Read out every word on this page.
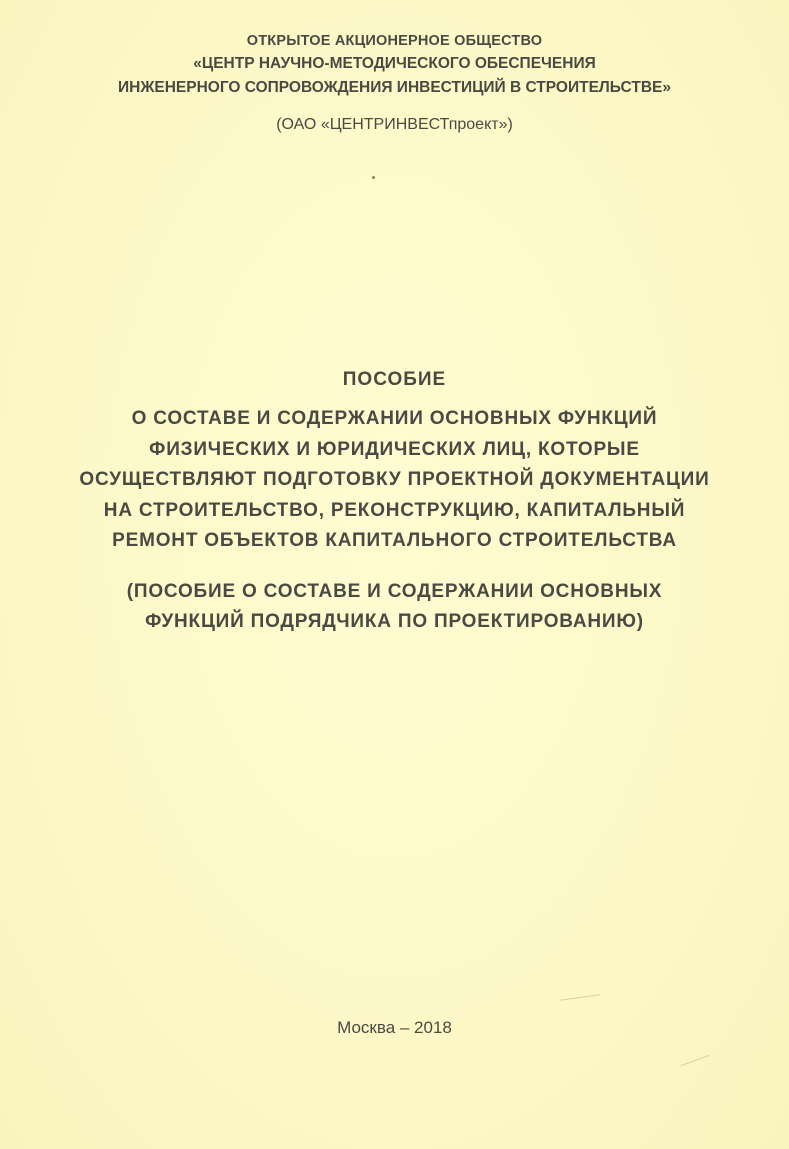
ОТКРЫТОЕ АКЦИОНЕРНОЕ ОБЩЕСТВО

«ЦЕНТР НАУЧНО-МЕТОДИЧЕСКОГО ОБЕСПЕЧЕНИЯ

ИНЖЕНЕРНОГО СОПРОВОЖДЕНИЯ ИНВЕСТИЦИЙ В СТРОИТЕЛЬСТВЕ»

(ОАО «ЦЕНТРИНВЕСТпроект»)

ПОСОБИЕ

О СОСТАВЕ И СОДЕРЖАНИИ ОСНОВНЫХ ФУНКЦИЙ

ФИЗИЧЕСКИХ И ЮРИДИЧЕСКИХ ЛИЦ, КОТОРЫЕ

ОСУЩЕСТВЛЯЮТ ПОДГОТОВКУ ПРОЕКТНОЙ ДОКУМЕНТАЦИИ

НА СТРОИТЕЛЬСТВО, РЕКОНСТРУКЦИЮ, КАПИТАЛЬНЫЙ

РЕМОНТ ОБЪЕКТОВ КАПИТАЛЬНОГО СТРОИТЕЛЬСТВА

(ПОСОБИЕ О СОСТАВЕ И СОДЕРЖАНИИ ОСНОВНЫХ

ФУНКЦИЙ ПОДРЯДЧИКА ПО ПРОЕКТИРОВАНИЮ)

Москва – 2018
